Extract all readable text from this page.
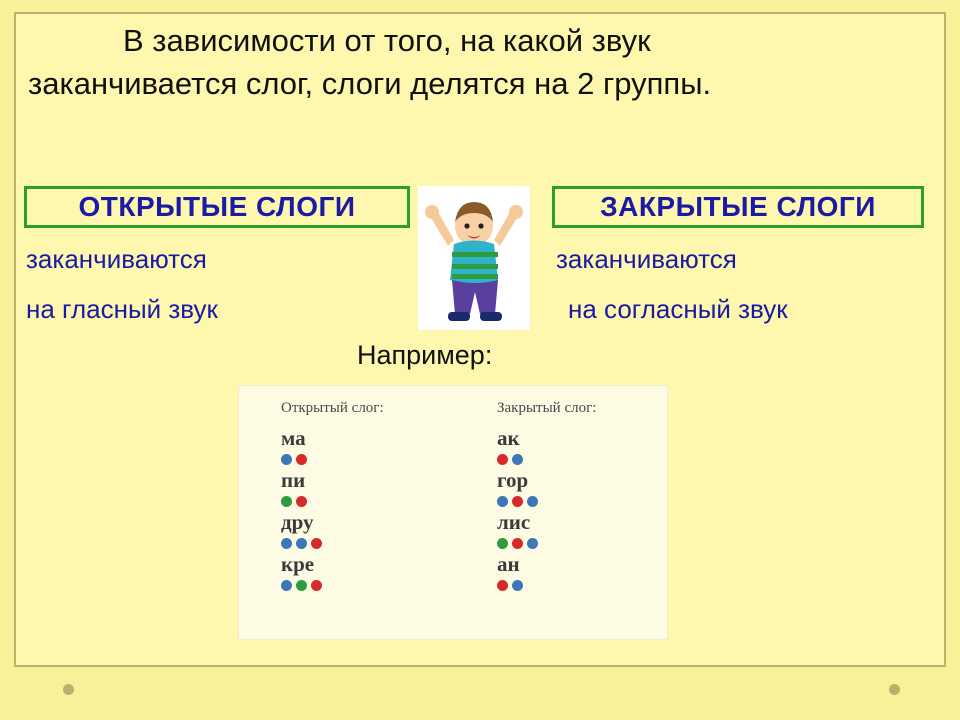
В зависимости от того, на какой звук
заканчивается слог, слоги делятся на 2 группы.
ОТКРЫТЫЕ СЛОГИ	ЗАКРЫТЫЕ СЛОГИ
заканчиваются
на гласный звук
заканчиваются
на согласный звук
Например:
Открытый слог:
ма
пи
дру
кре
Закрытый слог:
ак
гор
лис
ан
